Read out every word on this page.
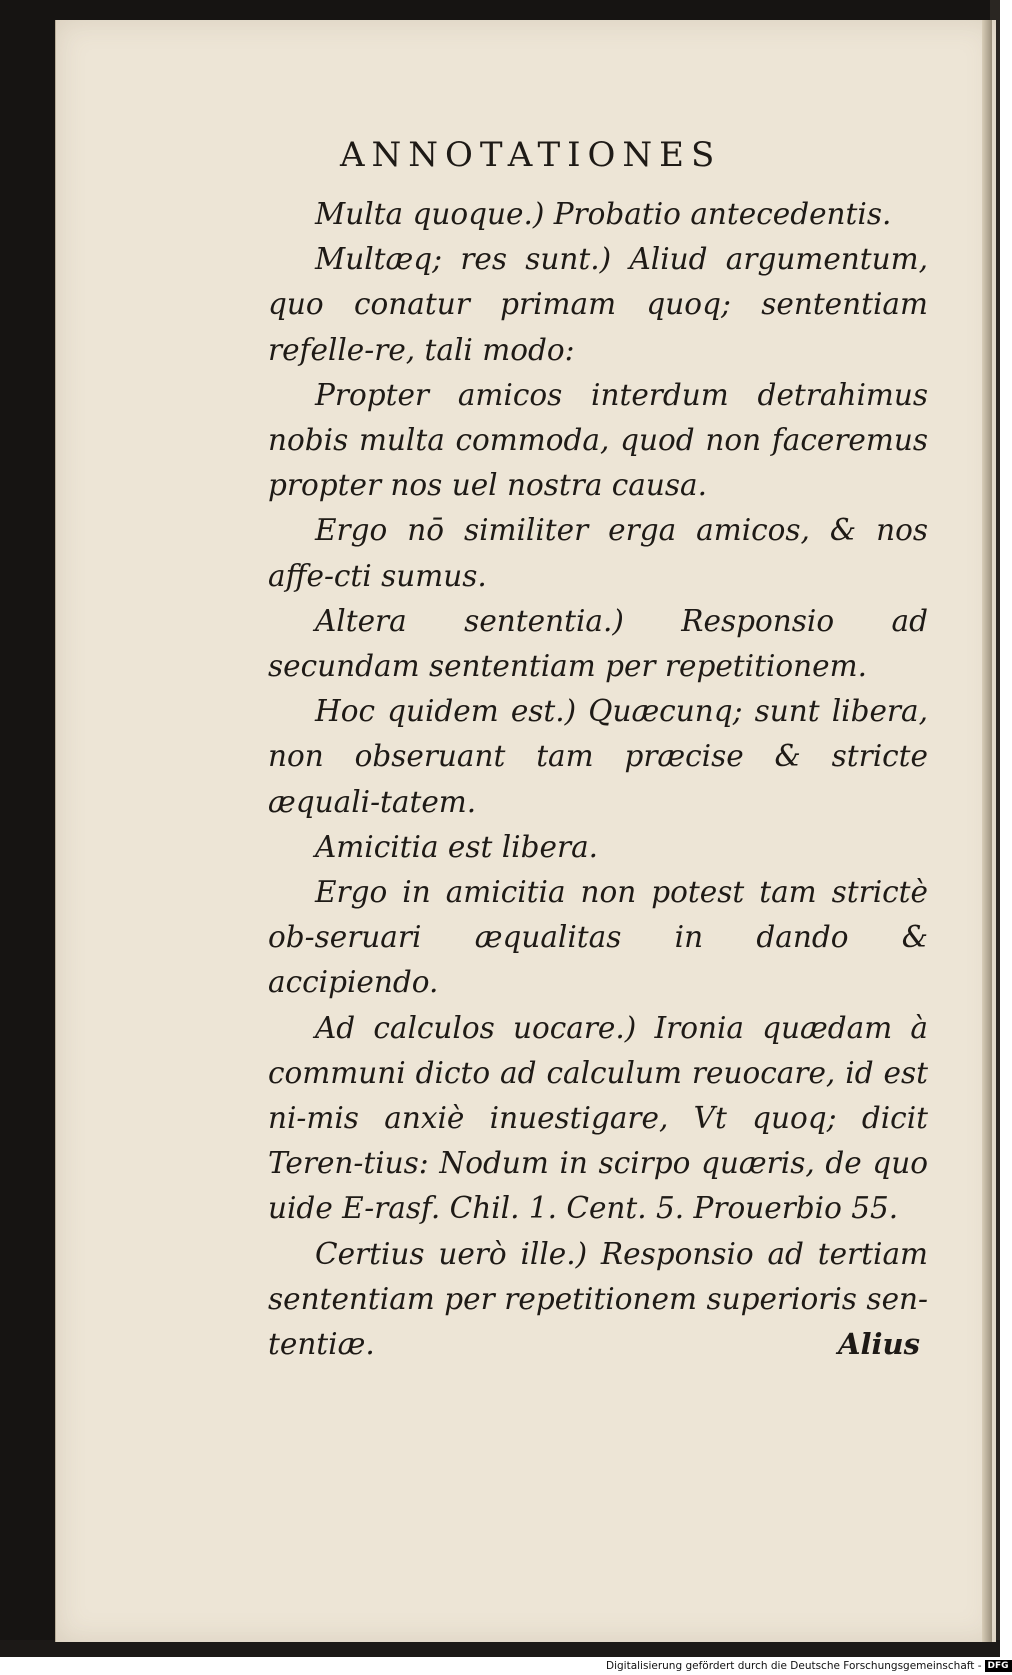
ANNOTATIONES

Multa quoque.) Probatio antecedentis.

Multæq; res sunt.) Aliud argumentum, quo conatur primam quoq; sententiam refelle-re, tali modo:

Propter amicos interdum detrahimus nobis multa commoda, quod non faceremus propter nos uel nostra causa.

Ergo nō similiter erga amicos, & nos affe-cti sumus.

Altera sententia.) Responsio ad secundam sententiam per repetitionem.

Hoc quidem est.) Quæcunq; sunt libera, non obseruant tam præcise & stricte æquali-tatem.

Amicitia est libera.

Ergo in amicitia non potest tam strictè ob-seruari æqualitas in dando & accipiendo.

Ad calculos uocare.) Ironia quædam à communi dicto ad calculum reuocare, id est ni-mis anxiè inuestigare, Vt quoq; dicit Teren-tius: Nodum in scirpo quæris, de quo uide E-rasf. Chil. 1. Cent. 5. Prouerbio 55.

Certius uerò ille.) Responsio ad tertiam sententiam per repetitionem superioris sen-tentiæ.	Alius
Digitalisierung gefördert durch die Deutsche Forschungsgemeinschaft - DFG
